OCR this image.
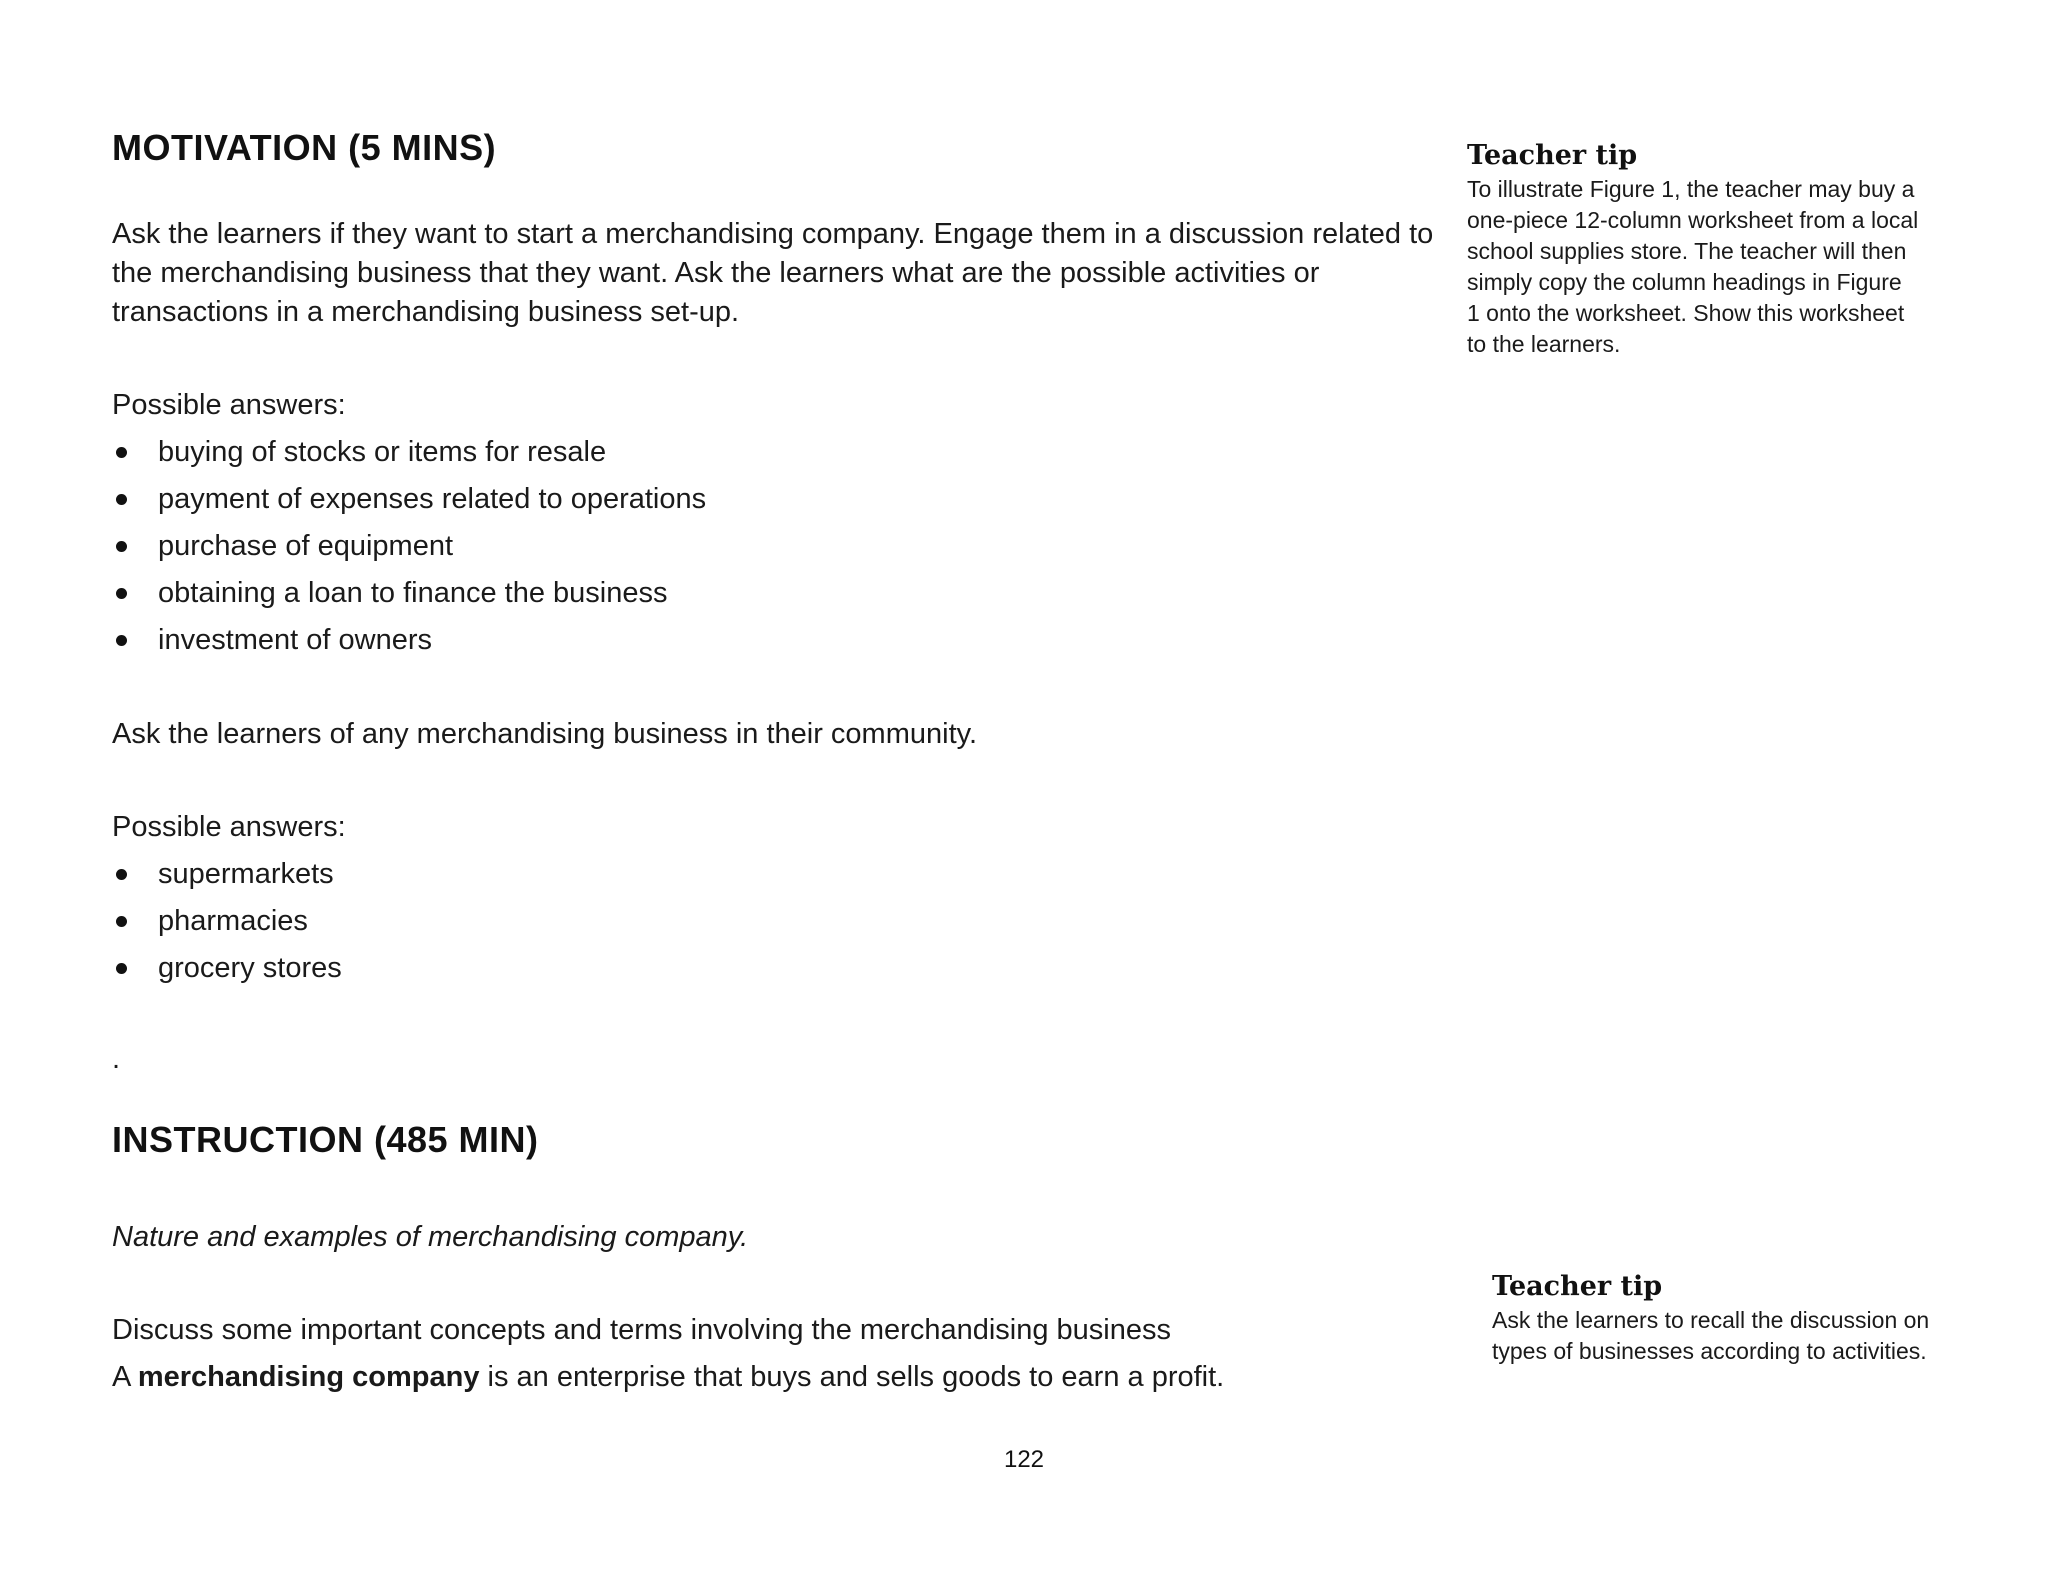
MOTIVATION (5 MINS)

Ask the learners if they want to start a merchandising company. Engage them in a discussion related to the merchandising business that they want. Ask the learners what are the possible activities or transactions in a merchandising business set-up.

Possible answers:

buying of stocks or items for resale
payment of expenses related to operations
purchase of equipment
obtaining a loan to finance the business
investment of owners

Ask the learners of any merchandising business in their community.

Possible answers:

supermarkets
pharmacies
grocery stores

.

INSTRUCTION (485 MIN)

Nature and examples of merchandising company.

Discuss some important concepts and terms involving the merchandising business

A merchandising company is an enterprise that buys and sells goods to earn a profit.

Teacher tip

To illustrate Figure 1, the teacher may buy a
one-piece 12-column worksheet from a local
school supplies store. The teacher will then
simply copy the column headings in Figure
1 onto the worksheet. Show this worksheet
to the learners.

Teacher tip

Ask the learners to recall the discussion on
types of businesses according to activities.

122
